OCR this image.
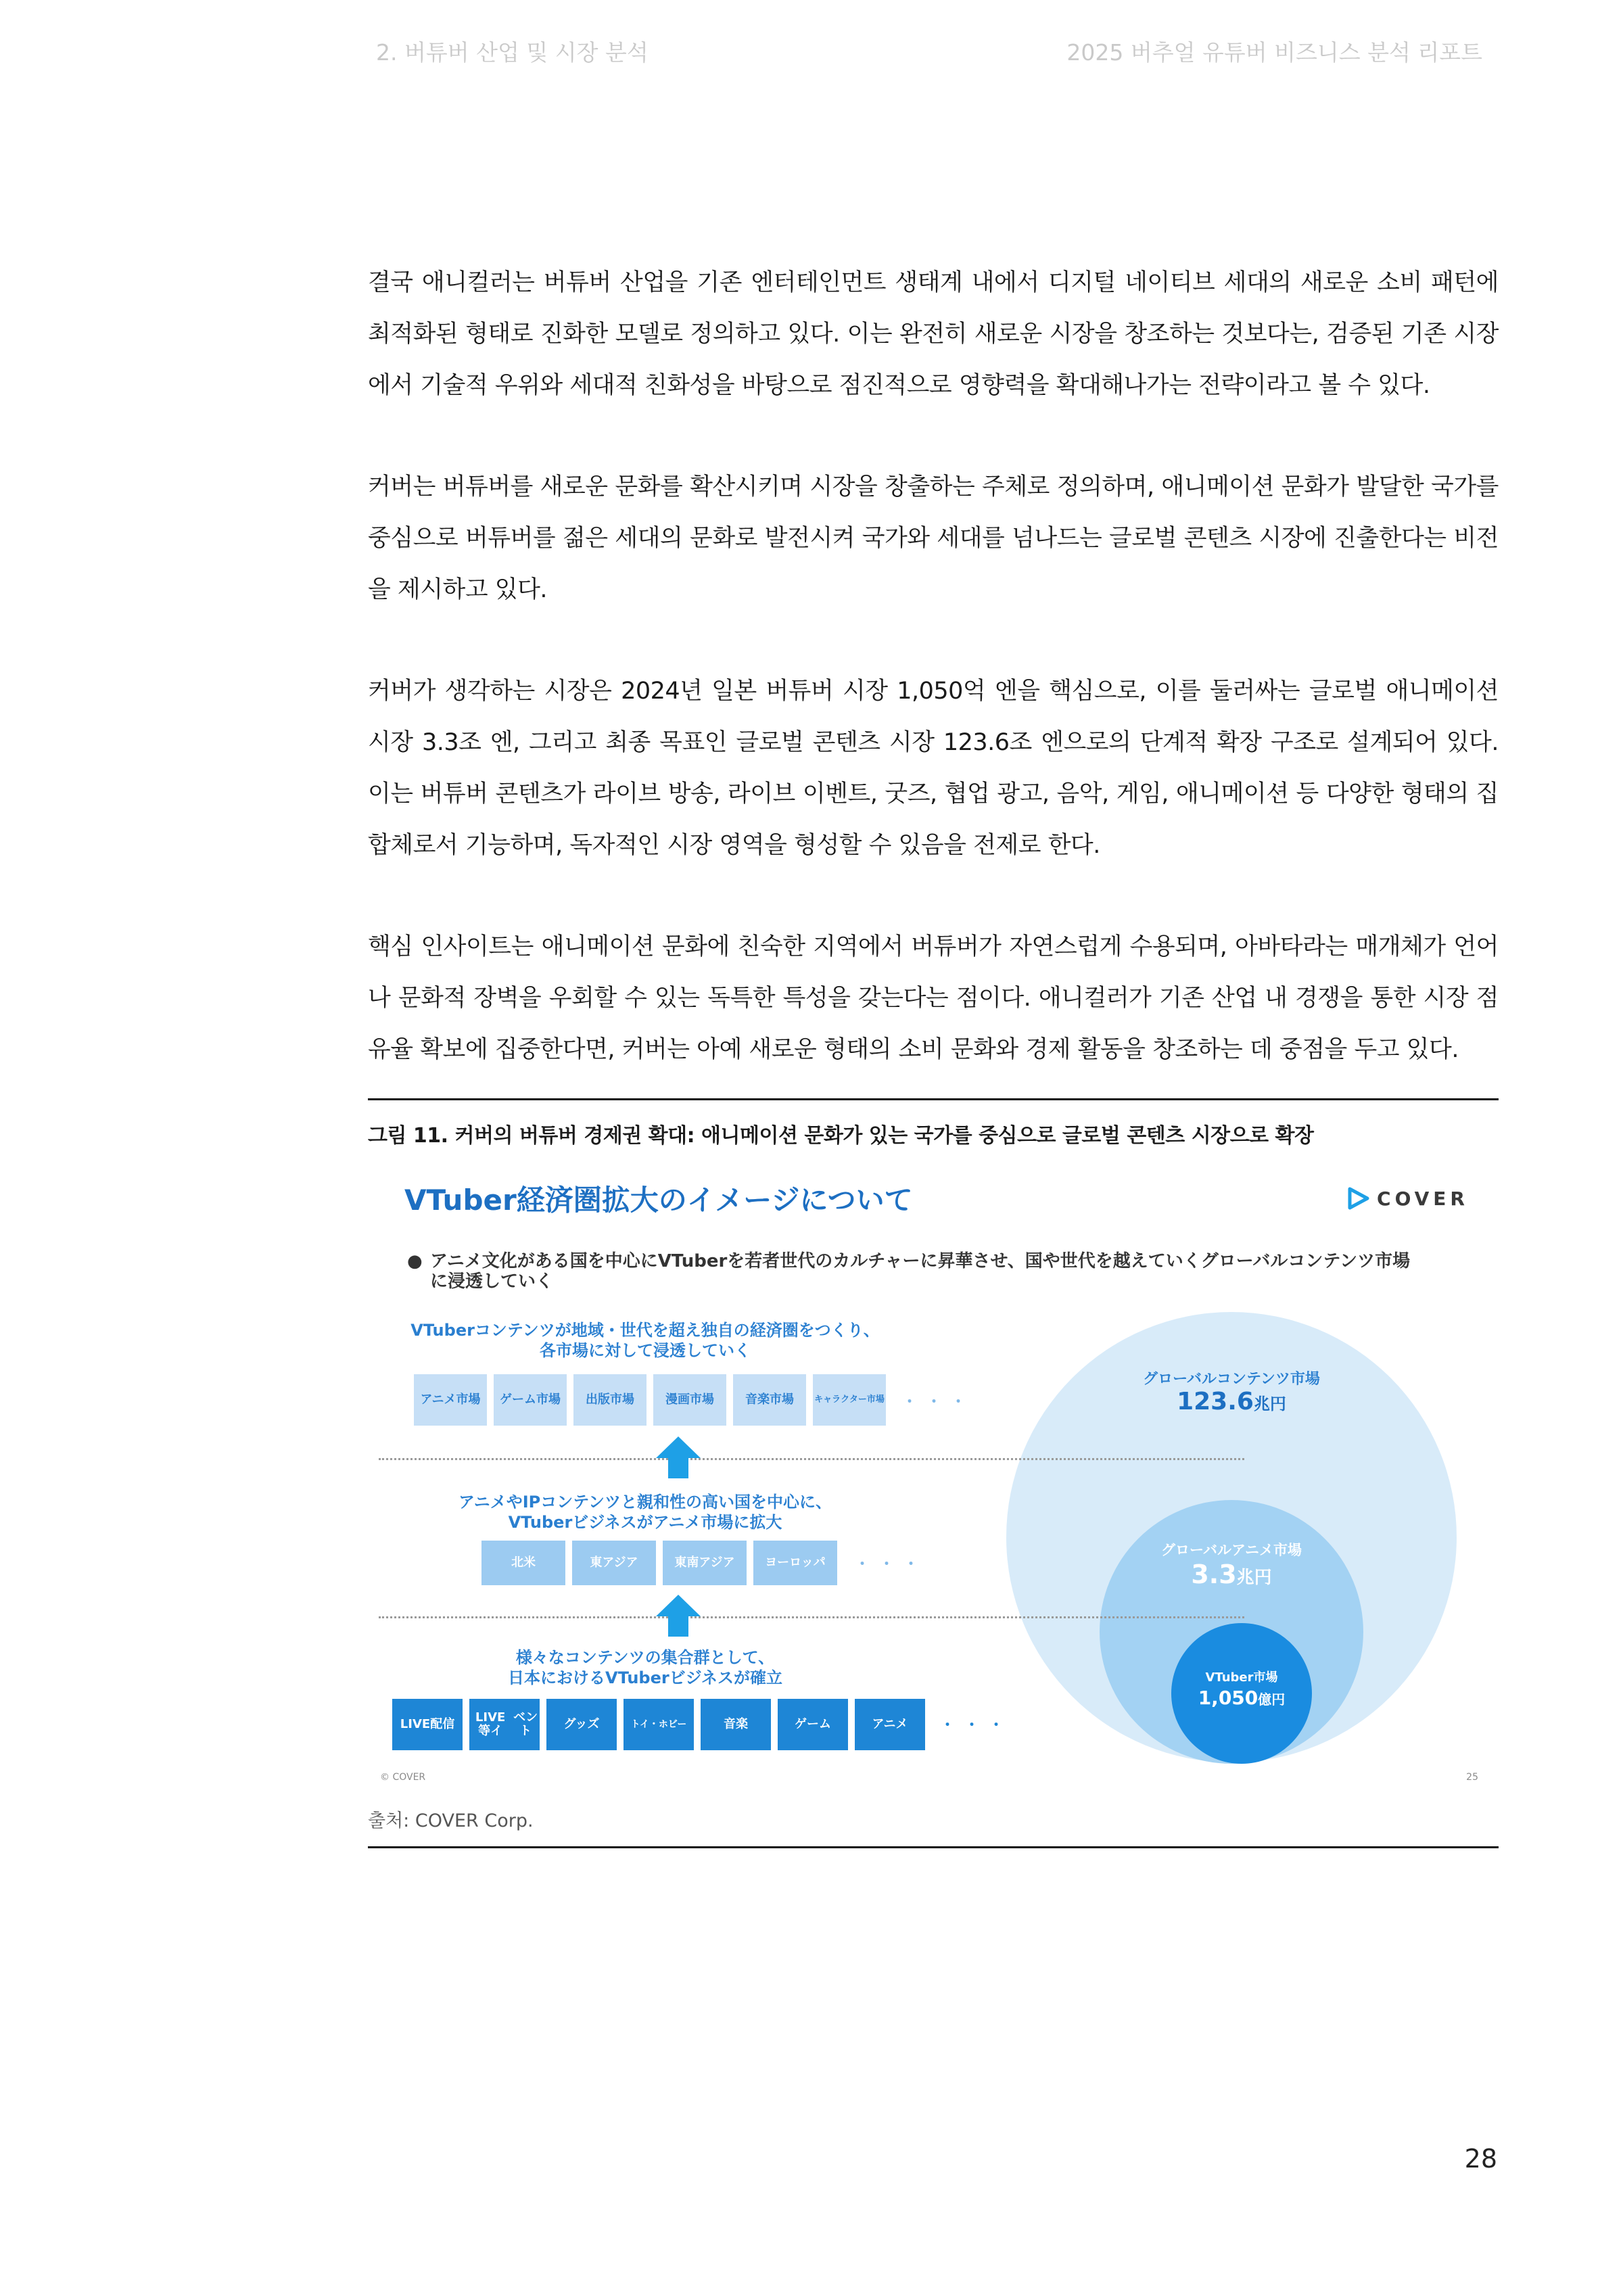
2. 버튜버 산업 및 시장 분석	2025 버추얼 유튜버 비즈니스 분석 리포트

결국 애니컬러는 버튜버 산업을 기존 엔터테인먼트 생태계 내에서 디지털 네이티브 세대의 새로운 소비 패턴에 최적화된 형태로 진화한 모델로 정의하고 있다. 이는 완전히 새로운 시장을 창조하는 것보다는, 검증된 기존 시장에서 기술적 우위와 세대적 친화성을 바탕으로 점진적으로 영향력을 확대해나가는 전략이라고 볼 수 있다.

커버는 버튜버를 새로운 문화를 확산시키며 시장을 창출하는 주체로 정의하며, 애니메이션 문화가 발달한 국가를 중심으로 버튜버를 젊은 세대의 문화로 발전시켜 국가와 세대를 넘나드는 글로벌 콘텐츠 시장에 진출한다는 비전을 제시하고 있다.

커버가 생각하는 시장은 2024년 일본 버튜버 시장 1,050억 엔을 핵심으로, 이를 둘러싸는 글로벌 애니메이션 시장 3.3조 엔, 그리고 최종 목표인 글로벌 콘텐츠 시장 123.6조 엔으로의 단계적 확장 구조로 설계되어 있다. 이는 버튜버 콘텐츠가 라이브 방송, 라이브 이벤트, 굿즈, 협업 광고, 음악, 게임, 애니메이션 등 다양한 형태의 집합체로서 기능하며, 독자적인 시장 영역을 형성할 수 있음을 전제로 한다.

핵심 인사이트는 애니메이션 문화에 친숙한 지역에서 버튜버가 자연스럽게 수용되며, 아바타라는 매개체가 언어나 문화적 장벽을 우회할 수 있는 독특한 특성을 갖는다는 점이다. 애니컬러가 기존 산업 내 경쟁을 통한 시장 점유율 확보에 집중한다면, 커버는 아예 새로운 형태의 소비 문화와 경제 활동을 창조하는 데 중점을 두고 있다.

그림 11. 커버의 버튜버 경제권 확대: 애니메이션 문화가 있는 국가를 중심으로 글로벌 콘텐츠 시장으로 확장
VTuber経済圏拡大のイメージについて	COVER
● アニメ文化がある国を中心にVTuberを若者世代のカルチャーに昇華させ、国や世代を越えていくグローバルコンテンツ市場に浸透していく
グローバルコンテンツ市場
123.6兆円
グローバルアニメ市場
3.3兆円
VTuber市場
1,050億円
VTuberコンテンツが地域・世代を超え独自の経済圏をつくり、
各市場に対して浸透していく
アニメ 市場 ゲーム 市場 出版 市場	漫画 市場	音楽 市場 キャラクター 市場 ・・・
アニメやIPコンテンツと親和性の高い国を中心に、
VTuberビジネスがアニメ市場に拡大
北米	東アジア	東南アジア	ヨーロッパ	・・・
様々なコンテンツの集合群として、
日本におけるVTuberビジネスが確立
LIVE 配信	LIVE等イ

ベント	グッズ	トイ・ホビー	音楽	ゲーム	アニメ	・・・
© COVER	25
출처: COVER Corp.
28
